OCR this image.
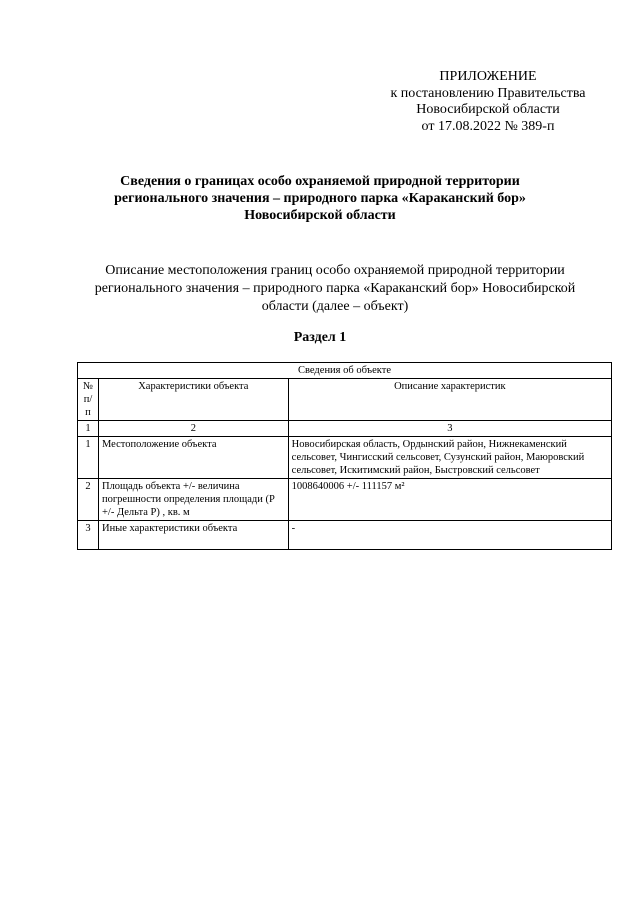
ПРИЛОЖЕНИЕ
к постановлению Правительства
Новосибирской области
от 17.08.2022 № 389-п
Сведения о границах особо охраняемой природной территории
регионального значения – природного парка «Караканский бор»
Новосибирской области
Описание местоположения границ особо охраняемой природной территории
регионального значения – природного парка «Караканский бор» Новосибирской
области (далее – объект)
Раздел 1
Сведения об объекте		
№ п/п	Характеристики объекта	Описание характеристик
1	2	3
1	Местоположение объекта	Новосибирская область, Ордынский район, Нижнекаменский сельсовет, Чингисский сельсовет, Сузунский район, Маюровский сельсовет, Искитимский район, Быстровский сельсовет
2	Площадь объекта +/- величина погрешности определения площади (Р +/- Дельта Р) , кв. м	1008640006 +/- 111157 м²
3	Иные характеристики объекта	-
